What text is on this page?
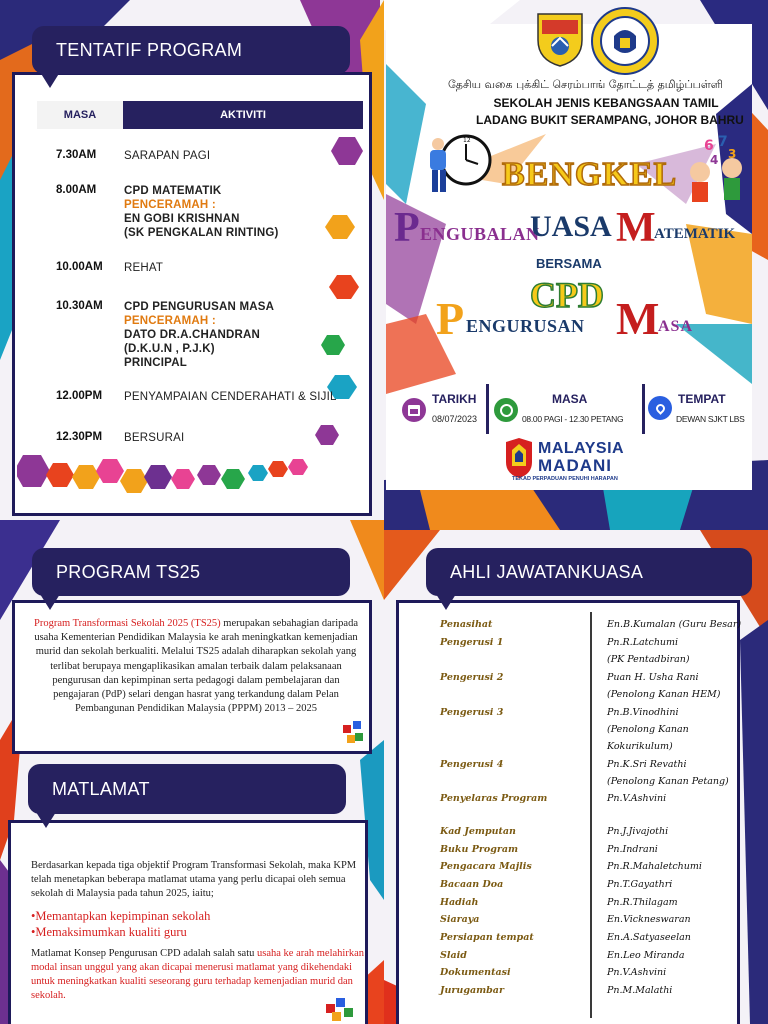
MASA	AKTIVITI
7.30AM SARAPAN PAGI
8.00AM CPD MATEMATIK
PENCERAMAH :
EN GOBI KRISHNAN
(SK PENGKALAN RINTING)
10.00AM REHAT
10.30AM CPD PENGURUSAN MASA
PENCERAMAH :
DATO DR.A.CHANDRAN
(D.K.U.N , P.J.K)
PRINCIPAL
12.00PM PENYAMPAIAN CENDERAHATI & SIJIL
12.30PM BERSURAI
TENTATIF PROGRAM
தேசிய வகை புக்கிட் செரம்பாங் தோட்டத் தமிழ்ப்பள்ளி
SEKOLAH JENIS KEBANGSAAN TAMIL
LADANG BUKIT SERAMPANG, JOHOR BAHRU
12	6 7
3
4
BENGKEL
P ENGUBALAN
UASA M
ATEMATIK
BERSAMA
CPD
P ENGURUSAN M
ASA
TARIKH
08/07/2023
MASA
08.00 PAGI - 12.30 PETANG
TEMPAT
DEWAN SJKT LBS
MALAYSIA
MADANI
TEKAD PERPADUAN PENUHI HARAPAN
Program Transformasi Sekolah 2025 (TS25) merupakan sebahagian daripada usaha Kementerian Pendidikan Malaysia ke arah meningkatkan kemenjadian murid dan sekolah berkualiti. Melalui TS25 adalah diharapkan sekolah yang terlibat berupaya mengaplikasikan amalan terbaik dalam pelaksanaan pengurusan dan kepimpinan serta pedagogi dalam pembelajaran dan pengajaran (PdP) selari dengan hasrat yang terkandung dalam Pelan Pembangunan Pendidikan Malaysia (PPPM) 2013 – 2025
PROGRAM TS25
Berdasarkan kepada tiga objektif Program Transformasi Sekolah, maka KPM telah menetapkan beberapa matlamat utama yang perlu dicapai oleh semua sekolah di Malaysia pada tahun 2025, iaitu;
•Memantapkan kepimpinan sekolah
•Memaksimumkan kualiti guru
Matlamat Konsep Pengurusan CPD adalah salah satu usaha ke arah melahirkan modal insan unggul yang akan dicapai menerusi matlamat yang dikehendaki untuk meningkatkan kualiti seseorang guru terhadap kemenjadian murid dan sekolah.
MATLAMAT
AHLI JAWATANKUASA
Penasihat
Pengerusi 1
Pengerusi 2
Pengerusi 3
Pengerusi 4
Penyelaras Program
Kad Jemputan
Buku Program
Pengacara Majlis
Bacaan Doa
Hadiah
Siaraya
Persiapan tempat
Slaid
Dokumentasi
Jurugambar
En.B.Kumalan (Guru Besar)
Pn.R.Latchumi
(PK Pentadbiran)
Puan H. Usha Rani
(Penolong Kanan HEM)
Pn.B.Vinodhini
(Penolong Kanan
Kokurikulum)
Pn.K.Sri Revathi
(Penolong Kanan Petang)
Pn.V.Ashvini
Pn.J.Jivajothi
Pn.Indrani
Pn.R.Mahaletchumi
Pn.T.Gayathri
Pn.R.Thilagam
En.Vickneswaran
En.A.Satyaseelan
En.Leo Miranda
Pn.V.Ashvini
Pn.M.Malathi
